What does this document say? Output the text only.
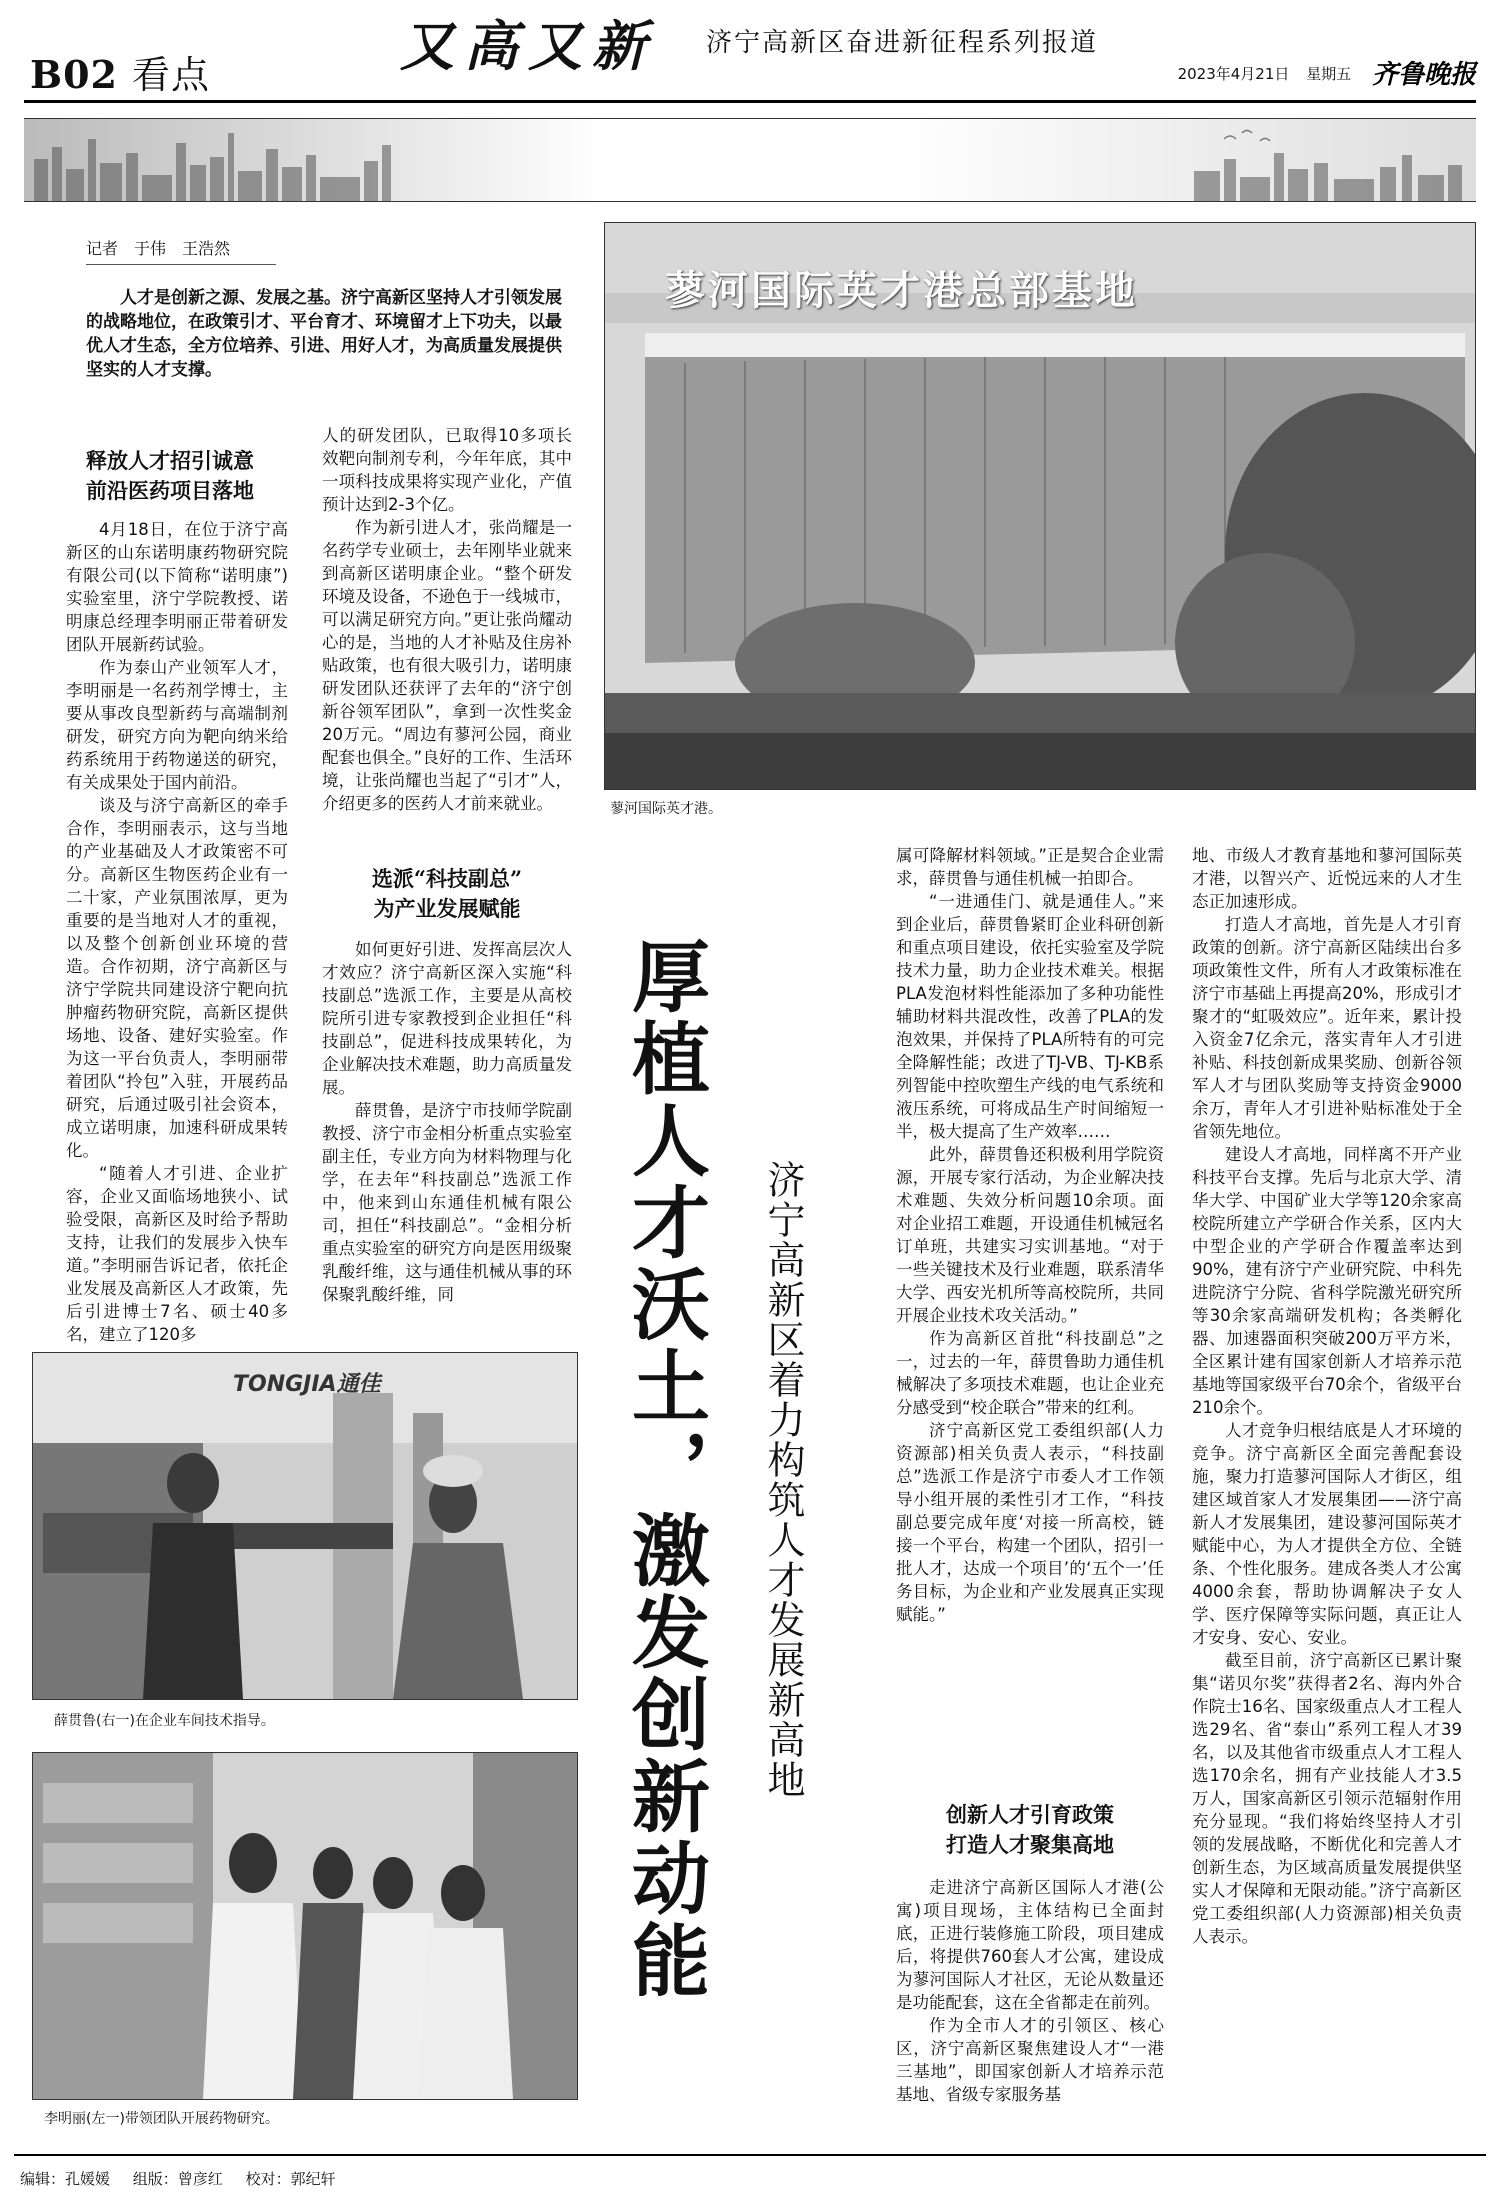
B02 看点	2023年4月21日 星期五 齐鲁晚报
又高又新 济宁高新区奋进新征程系列报道
记者　于伟　王浩然

人才是创新之源、发展之基。济宁高新区坚持人才引领发展的战略地位，在政策引才、平台育才、环境留才上下功夫，以最优人才生态，全方位培养、引进、用好人才，为高质量发展提供坚实的人才支撑。

蓼河国际英才港总部基地
蓼河国际英才港。
释放人才招引诚意
前沿医药项目落地

4月18日，在位于济宁高新区的山东诺明康药物研究院有限公司(以下简称“诺明康”)实验室里，济宁学院教授、诺明康总经理李明丽正带着研发团队开展新药试验。

作为泰山产业领军人才，李明丽是一名药剂学博士，主要从事改良型新药与高端制剂研发，研究方向为靶向纳米给药系统用于药物递送的研究，有关成果处于国内前沿。

谈及与济宁高新区的牵手合作，李明丽表示，这与当地的产业基础及人才政策密不可分。高新区生物医药企业有一二十家，产业氛围浓厚，更为重要的是当地对人才的重视，以及整个创新创业环境的营造。合作初期，济宁高新区与济宁学院共同建设济宁靶向抗肿瘤药物研究院，高新区提供场地、设备、建好实验室。作为这一平台负责人，李明丽带着团队“拎包”入驻，开展药品研究，后通过吸引社会资本，成立诺明康，加速科研成果转化。

“随着人才引进、企业扩容，企业又面临场地狭小、试验受限，高新区及时给予帮助支持，让我们的发展步入快车道。”李明丽告诉记者，依托企业发展及高新区人才政策，先后引进博士7名、硕士40多名，建立了120多

人的研发团队，已取得10多项长效靶向制剂专利，今年年底，其中一项科技成果将实现产业化，产值预计达到2-3个亿。

作为新引进人才，张尚耀是一名药学专业硕士，去年刚毕业就来到高新区诺明康企业。“整个研发环境及设备，不逊色于一线城市，可以满足研究方向。”更让张尚耀动心的是，当地的人才补贴及住房补贴政策，也有很大吸引力，诺明康研发团队还获评了去年的“济宁创新谷领军团队”，拿到一次性奖金20万元。“周边有蓼河公园，商业配套也俱全。”良好的工作、生活环境，让张尚耀也当起了“引才”人，介绍更多的医药人才前来就业。

选派“科技副总”
为产业发展赋能

如何更好引进、发挥高层次人才效应？济宁高新区深入实施“科技副总”选派工作，主要是从高校院所引进专家教授到企业担任“科技副总”，促进科技成果转化，为企业解决技术难题，助力高质量发展。

薛贯鲁，是济宁市技师学院副教授、济宁市金相分析重点实验室副主任，专业方向为材料物理与化学，在去年“科技副总”选派工作中，他来到山东通佳机械有限公司，担任“科技副总”。“金相分析重点实验室的研究方向是医用级聚乳酸纤维，这与通佳机械从事的环保聚乳酸纤维，同

TONGJIA通佳
薛贯鲁(右一)在企业车间技术指导。
李明丽(左一)带领团队开展药物研究。
厚植人才沃土，激发创新动能 济宁高新区着力构筑人才发展新高地

属可降解材料领域。”正是契合企业需求，薛贯鲁与通佳机械一拍即合。

“一进通佳门、就是通佳人。”来到企业后，薛贯鲁紧盯企业科研创新和重点项目建设，依托实验室及学院技术力量，助力企业技术难关。根据PLA发泡材料性能添加了多种功能性辅助材料共混改性，改善了PLA的发泡效果，并保持了PLA所特有的可完全降解性能；改进了TJ-VB、TJ-KB系列智能中控吹塑生产线的电气系统和液压系统，可将成品生产时间缩短一半，极大提高了生产效率……

此外，薛贯鲁还积极利用学院资源，开展专家行活动，为企业解决技术难题、失效分析问题10余项。面对企业招工难题，开设通佳机械冠名订单班，共建实习实训基地。“对于一些关键技术及行业难题，联系清华大学、西安光机所等高校院所，共同开展企业技术攻关活动。”

作为高新区首批“科技副总”之一，过去的一年，薛贯鲁助力通佳机械解决了多项技术难题，也让企业充分感受到“校企联合”带来的红利。

济宁高新区党工委组织部(人力资源部)相关负责人表示，“科技副总”选派工作是济宁市委人才工作领导小组开展的柔性引才工作，“科技副总要完成年度‘对接一所高校，链接一个平台，构建一个团队，招引一批人才，达成一个项目’的‘五个一’任务目标，为企业和产业发展真正实现赋能。”

创新人才引育政策
打造人才聚集高地

走进济宁高新区国际人才港(公寓)项目现场，主体结构已全面封底，正进行装修施工阶段，项目建成后，将提供760套人才公寓，建设成为蓼河国际人才社区，无论从数量还是功能配套，这在全省都走在前列。

作为全市人才的引领区、核心区，济宁高新区聚焦建设人才“一港三基地”，即国家创新人才培养示范基地、省级专家服务基

地、市级人才教育基地和蓼河国际英才港，以智兴产、近悦远来的人才生态正加速形成。

打造人才高地，首先是人才引育政策的创新。济宁高新区陆续出台多项政策性文件，所有人才政策标准在济宁市基础上再提高20%，形成引才聚才的“虹吸效应”。近年来，累计投入资金7亿余元，落实青年人才引进补贴、科技创新成果奖励、创新谷领军人才与团队奖励等支持资金9000余万，青年人才引进补贴标准处于全省领先地位。

建设人才高地，同样离不开产业科技平台支撑。先后与北京大学、清华大学、中国矿业大学等120余家高校院所建立产学研合作关系，区内大中型企业的产学研合作覆盖率达到90%，建有济宁产业研究院、中科先进院济宁分院、省科学院激光研究所等30余家高端研发机构；各类孵化器、加速器面积突破200万平方米，全区累计建有国家创新人才培养示范基地等国家级平台70余个，省级平台210余个。

人才竞争归根结底是人才环境的竞争。济宁高新区全面完善配套设施，聚力打造蓼河国际人才街区，组建区域首家人才发展集团——济宁高新人才发展集团，建设蓼河国际英才赋能中心，为人才提供全方位、全链条、个性化服务。建成各类人才公寓4000余套，帮助协调解决子女人学、医疗保障等实际问题，真正让人才安身、安心、安业。

截至目前，济宁高新区已累计聚集“诺贝尔奖”获得者2名、海内外合作院士16名、国家级重点人才工程人选29名、省“泰山”系列工程人才39名，以及其他省市级重点人才工程人选170余名，拥有产业技能人才3.5万人，国家高新区引领示范辐射作用充分显现。“我们将始终坚持人才引领的发展战略，不断优化和完善人才创新生态，为区域高质量发展提供坚实人才保障和无限动能。”济宁高新区党工委组织部(人力资源部)相关负责人表示。

编辑：孔媛媛 组版：曾彦红 校对：郭纪轩
